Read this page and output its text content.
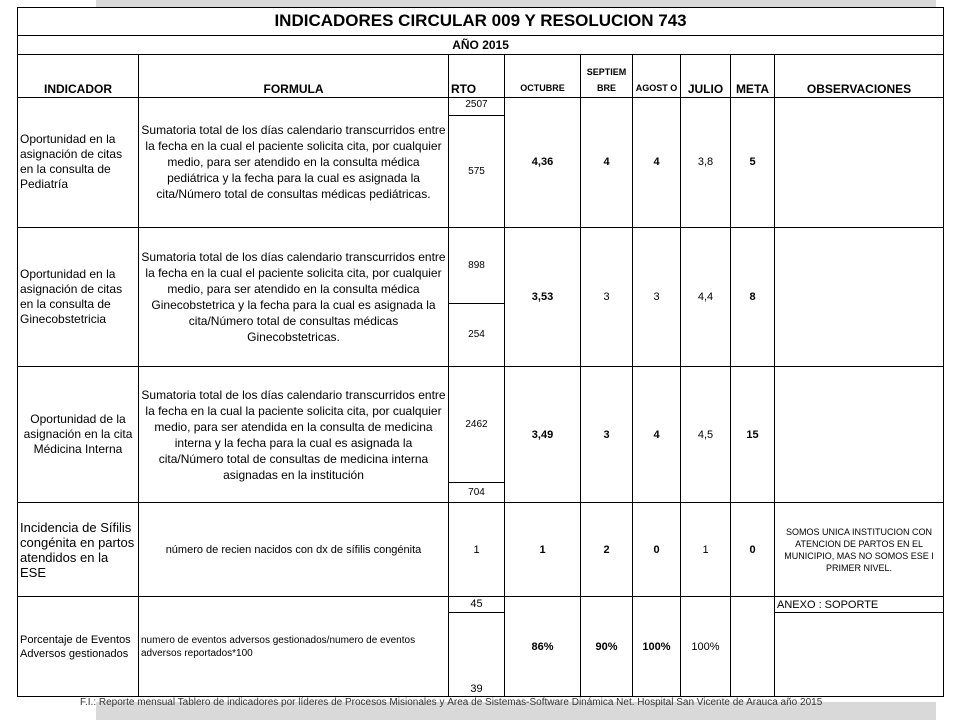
INDICADORES CIRCULAR 009 Y RESOLUCION 743								
AÑO 2015								
INDICADOR	FORMULA	RTO	OCTUBRE	SEPTIEM BRE	AGOST O	JULIO	META	OBSERVACIONES
Oportunidad en la asignación de citas en la consulta de Pediatría	Sumatoria total de los días calendario transcurridos entre la fecha en la cual el paciente solicita cita, por cualquier medio, para ser atendido en la consulta médica pediátrica y la fecha para la cual es asignada la cita/Número total de consultas médicas pediátricas.	2507	4,36	4	4	3,8	5	
		575						
Oportunidad en la asignación de citas en la consulta de Ginecobstetricia	Sumatoria total de los días calendario transcurridos entre la fecha en la cual el paciente solicita cita, por cualquier medio, para ser atendido en la consulta médica Ginecobstetrica y la fecha para la cual es asignada la cita/Número total de consultas médicas Ginecobstetricas.	898	3,53	3	3	4,4	8	
		254						
Oportunidad de la asignación en la cita Médicina Interna	Sumatoria total de los días calendario transcurridos entre la fecha en la cual la paciente solicita cita, por cualquier medio, para ser atendida en la consulta de medicina interna y la fecha para la cual es asignada la cita/Número total de consultas de medicina interna asignadas en la institución	2462	3,49	3	4	4,5	15	
		704						
Incidencia de Sífilis congénita en partos atendidos en la ESE	número de recien nacidos con dx de sífilis congénita	1	1	2	0	1	0	SOMOS UNICA INSTITUCION CON ATENCION DE PARTOS EN EL MUNICIPIO, MAS NO SOMOS ESE I PRIMER NIVEL.
Porcentaje de Eventos Adversos gestionados	numero de eventos adversos gestionados/numero de eventos adversos reportados*100	45	86%	90%	100%	100%		ANEXO : SOPORTE
		39						
F.I.: Reporte mensual Tablero de indicadores por líderes de Procesos Misionales y Área de Sistemas-Software Dinámica Net. Hospital San Vicente de Arauca año 2015
